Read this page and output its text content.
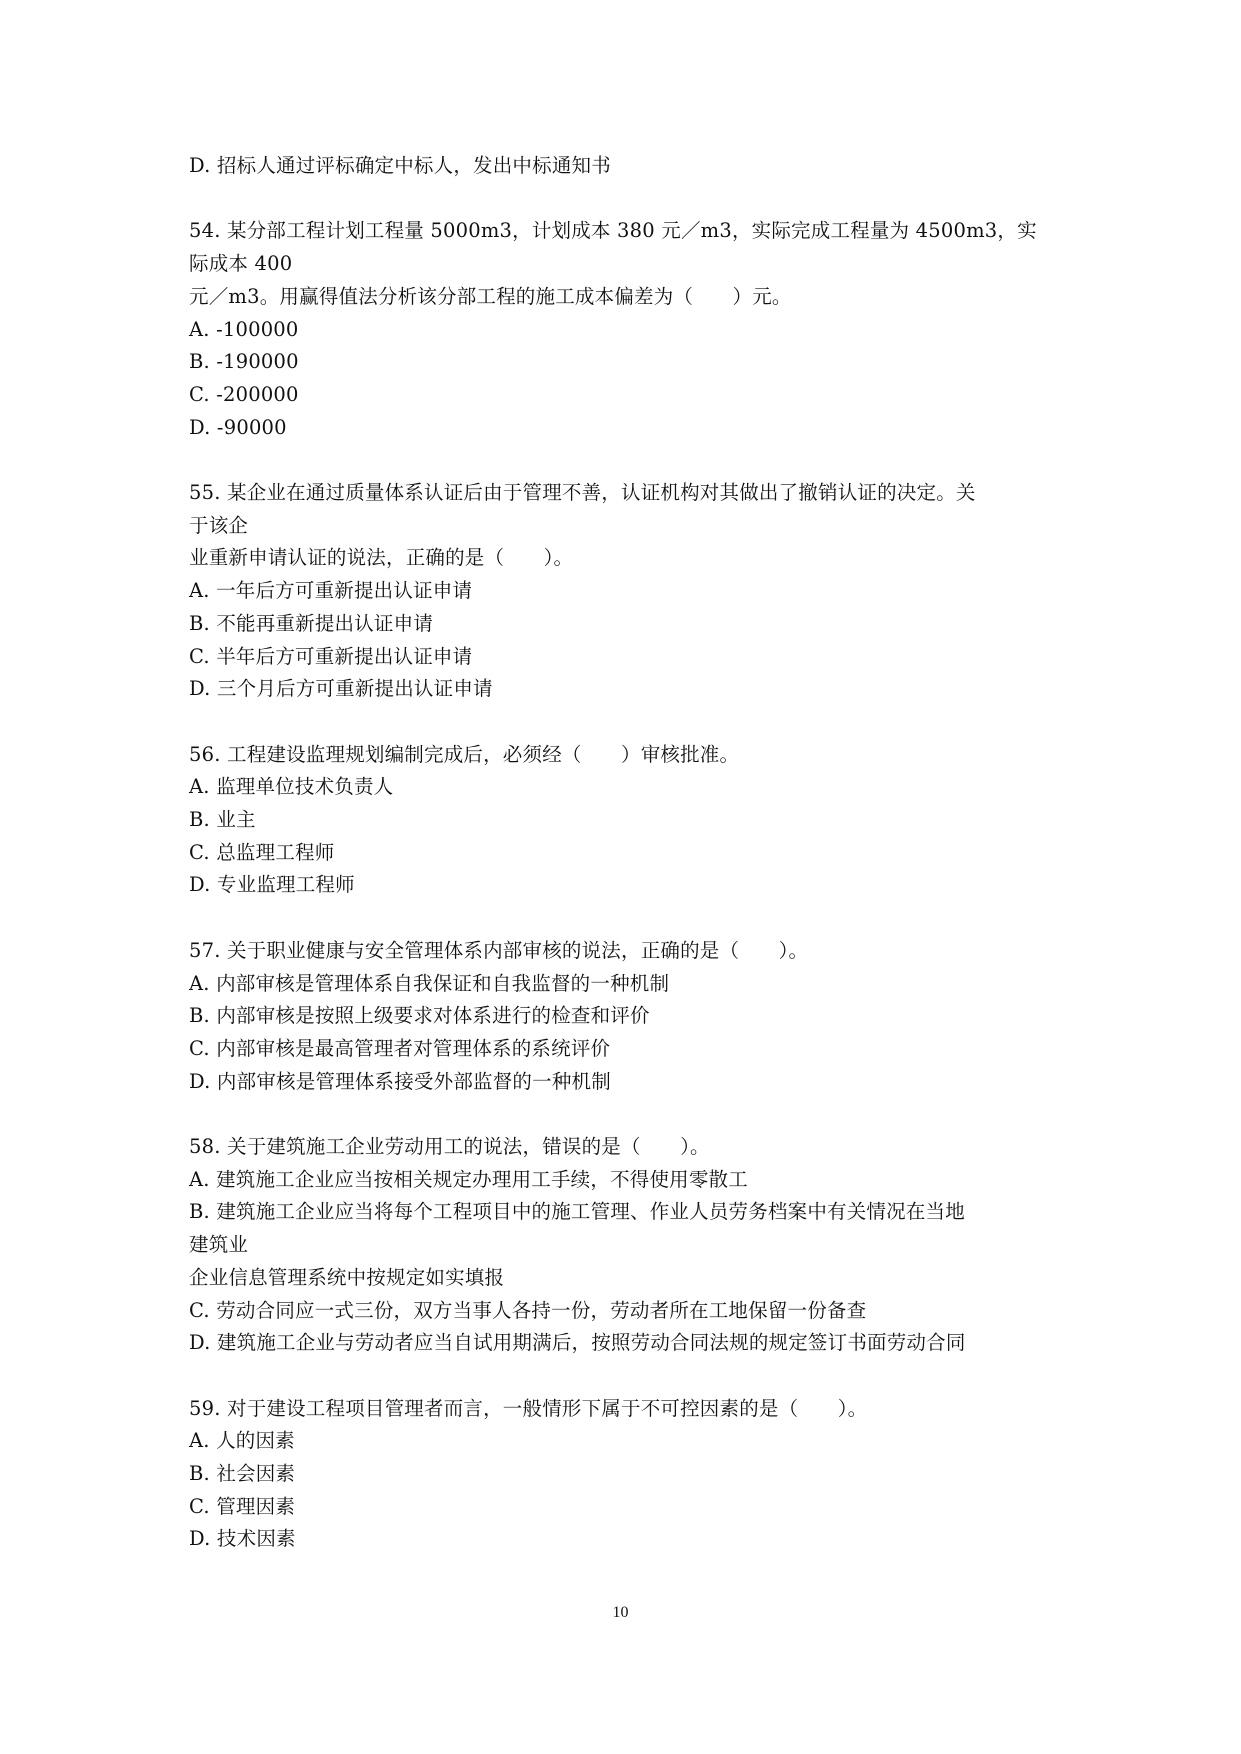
D. 招标人通过评标确定中标人，发出中标通知书
54. 某分部工程计划工程量 5000m3，计划成本 380 元／m3，实际完成工程量为 4500m3，实
际成本 400
元／m3。用赢得值法分析该分部工程的施工成本偏差为（　　）元。
A. -100000
B. -190000
C. -200000
D. -90000
55. 某企业在通过质量体系认证后由于管理不善，认证机构对其做出了撤销认证的决定。关
于该企
业重新申请认证的说法，正确的是（　　）。
A. 一年后方可重新提出认证申请
B. 不能再重新提出认证申请
C. 半年后方可重新提出认证申请
D. 三个月后方可重新提出认证申请
56. 工程建设监理规划编制完成后，必须经（　　）审核批准。
A. 监理单位技术负责人
B. 业主
C. 总监理工程师
D. 专业监理工程师
57. 关于职业健康与安全管理体系内部审核的说法，正确的是（　　）。
A. 内部审核是管理体系自我保证和自我监督的一种机制
B. 内部审核是按照上级要求对体系进行的检查和评价
C. 内部审核是最高管理者对管理体系的系统评价
D. 内部审核是管理体系接受外部监督的一种机制
58. 关于建筑施工企业劳动用工的说法，错误的是（　　）。
A. 建筑施工企业应当按相关规定办理用工手续，不得使用零散工
B. 建筑施工企业应当将每个工程项目中的施工管理、作业人员劳务档案中有关情况在当地
建筑业
企业信息管理系统中按规定如实填报
C. 劳动合同应一式三份，双方当事人各持一份，劳动者所在工地保留一份备查
D. 建筑施工企业与劳动者应当自试用期满后，按照劳动合同法规的规定签订书面劳动合同
59. 对于建设工程项目管理者而言，一般情形下属于不可控因素的是（　　）。
A. 人的因素
B. 社会因素
C. 管理因素
D. 技术因素
10
